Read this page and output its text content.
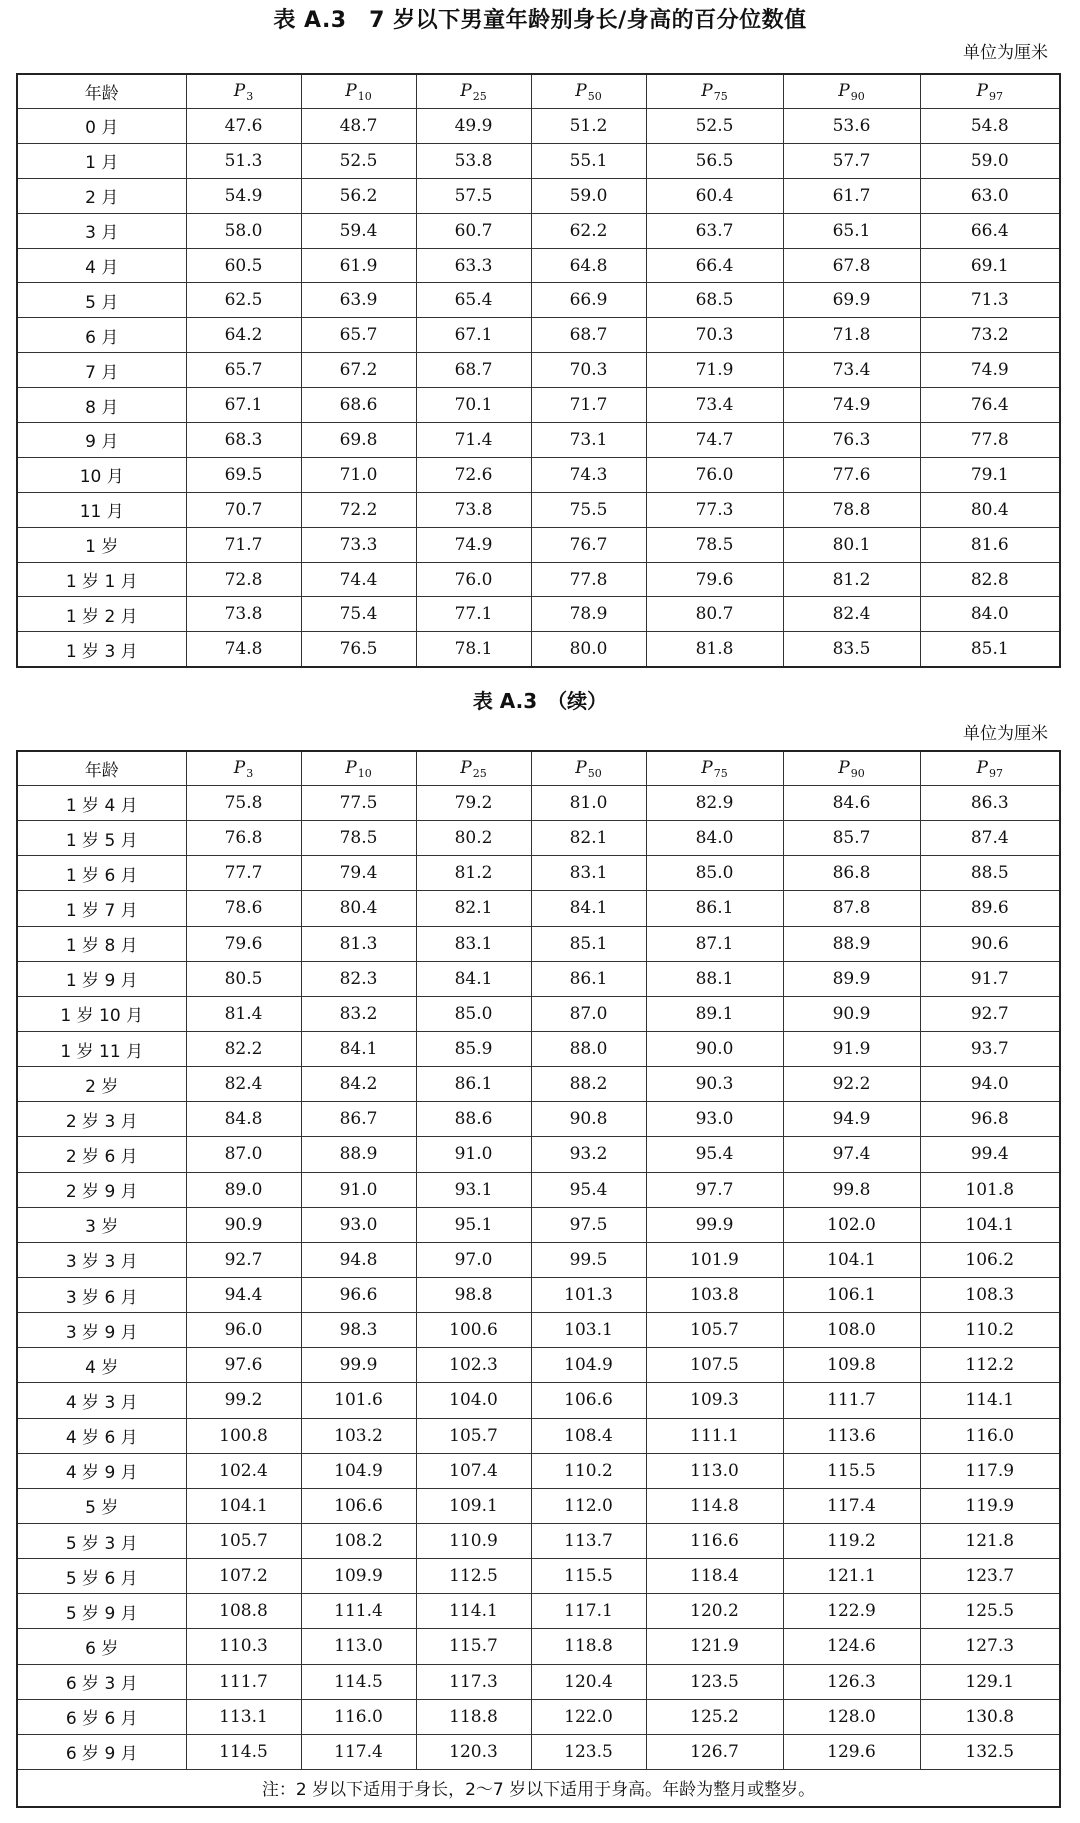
表 A.3　7 岁以下男童年龄别身长/身高的百分位数值
单位为厘米
年龄	$P_3$	$P_{10}$	$P_{25}$	$P_{50}$	$P_{75}$	$P_{90}$	$P_{97}$
0 月	47.6	48.7	49.9	51.2	52.5	53.6	54.8
1 月	51.3	52.5	53.8	55.1	56.5	57.7	59.0
2 月	54.9	56.2	57.5	59.0	60.4	61.7	63.0
3 月	58.0	59.4	60.7	62.2	63.7	65.1	66.4
4 月	60.5	61.9	63.3	64.8	66.4	67.8	69.1
5 月	62.5	63.9	65.4	66.9	68.5	69.9	71.3
6 月	64.2	65.7	67.1	68.7	70.3	71.8	73.2
7 月	65.7	67.2	68.7	70.3	71.9	73.4	74.9
8 月	67.1	68.6	70.1	71.7	73.4	74.9	76.4
9 月	68.3	69.8	71.4	73.1	74.7	76.3	77.8
10 月	69.5	71.0	72.6	74.3	76.0	77.6	79.1
11 月	70.7	72.2	73.8	75.5	77.3	78.8	80.4
1 岁	71.7	73.3	74.9	76.7	78.5	80.1	81.6
1 岁 1 月	72.8	74.4	76.0	77.8	79.6	81.2	82.8
1 岁 2 月	73.8	75.4	77.1	78.9	80.7	82.4	84.0
1 岁 3 月	74.8	76.5	78.1	80.0	81.8	83.5	85.1
表 A.3　（续）
单位为厘米
年龄	$P_3$	$P_{10}$	$P_{25}$	$P_{50}$	$P_{75}$	$P_{90}$	$P_{97}$
1 岁 4 月	75.8	77.5	79.2	81.0	82.9	84.6	86.3
1 岁 5 月	76.8	78.5	80.2	82.1	84.0	85.7	87.4
1 岁 6 月	77.7	79.4	81.2	83.1	85.0	86.8	88.5
1 岁 7 月	78.6	80.4	82.1	84.1	86.1	87.8	89.6
1 岁 8 月	79.6	81.3	83.1	85.1	87.1	88.9	90.6
1 岁 9 月	80.5	82.3	84.1	86.1	88.1	89.9	91.7
1 岁 10 月	81.4	83.2	85.0	87.0	89.1	90.9	92.7
1 岁 11 月	82.2	84.1	85.9	88.0	90.0	91.9	93.7
2 岁	82.4	84.2	86.1	88.2	90.3	92.2	94.0
2 岁 3 月	84.8	86.7	88.6	90.8	93.0	94.9	96.8
2 岁 6 月	87.0	88.9	91.0	93.2	95.4	97.4	99.4
2 岁 9 月	89.0	91.0	93.1	95.4	97.7	99.8	101.8
3 岁	90.9	93.0	95.1	97.5	99.9	102.0	104.1
3 岁 3 月	92.7	94.8	97.0	99.5	101.9	104.1	106.2
3 岁 6 月	94.4	96.6	98.8	101.3	103.8	106.1	108.3
3 岁 9 月	96.0	98.3	100.6	103.1	105.7	108.0	110.2
4 岁	97.6	99.9	102.3	104.9	107.5	109.8	112.2
4 岁 3 月	99.2	101.6	104.0	106.6	109.3	111.7	114.1
4 岁 6 月	100.8	103.2	105.7	108.4	111.1	113.6	116.0
4 岁 9 月	102.4	104.9	107.4	110.2	113.0	115.5	117.9
5 岁	104.1	106.6	109.1	112.0	114.8	117.4	119.9
5 岁 3 月	105.7	108.2	110.9	113.7	116.6	119.2	121.8
5 岁 6 月	107.2	109.9	112.5	115.5	118.4	121.1	123.7
5 岁 9 月	108.8	111.4	114.1	117.1	120.2	122.9	125.5
6 岁	110.3	113.0	115.7	118.8	121.9	124.6	127.3
6 岁 3 月	111.7	114.5	117.3	120.4	123.5	126.3	129.1
6 岁 6 月	113.1	116.0	118.8	122.0	125.2	128.0	130.8
6 岁 9 月	114.5	117.4	120.3	123.5	126.7	129.6	132.5
注：2 岁以下适用于身长，2～7 岁以下适用于身高。年龄为整月或整岁。							
